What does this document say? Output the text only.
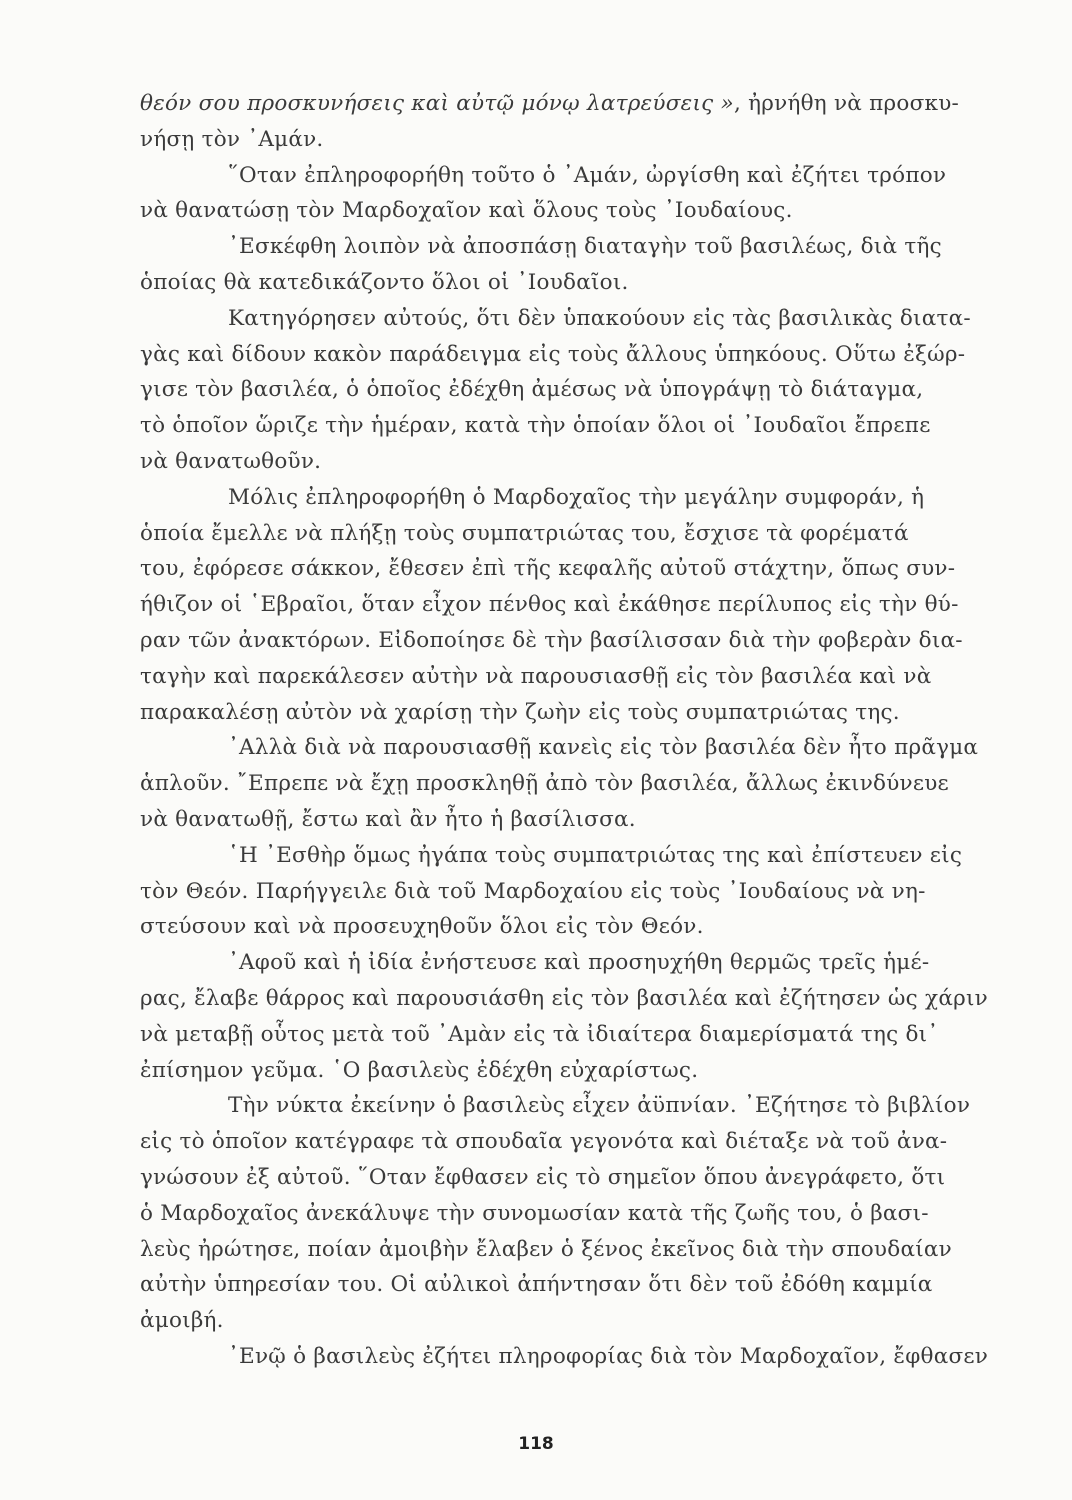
θεόν σου προσκυνήσεις καὶ αὐτῷ μόνῳ λατρεύσεις », ἠρνήθη νὰ προσκυ-
νήσῃ τὸν ᾿Αμάν.
῞Οταν ἐπληροφορήθη τοῦτο ὁ ᾿Αμάν, ὠργίσθη καὶ ἐζήτει τρόπον
νὰ θανατώσῃ τὸν Μαρδοχαῖον καὶ ὅλους τοὺς ᾿Ιουδαίους.
᾿Εσκέφθη λοιπὸν νὰ ἀποσπάσῃ διαταγὴν τοῦ βασιλέως, διὰ τῆς
ὁποίας θὰ κατεδικάζοντο ὅλοι οἱ ᾿Ιουδαῖοι.
Κατηγόρησεν αὐτούς, ὅτι δὲν ὑπακούουν εἰς τὰς βασιλικὰς διατα-
γὰς καὶ δίδουν κακὸν παράδειγμα εἰς τοὺς ἄλλους ὑπηκόους. Οὕτω ἐξώρ-
γισε τὸν βασιλέα, ὁ ὁποῖος ἐδέχθη ἀμέσως νὰ ὑπογράψῃ τὸ διάταγμα,
τὸ ὁποῖον ὥριζε τὴν ἡμέραν, κατὰ τὴν ὁποίαν ὅλοι οἱ ᾿Ιουδαῖοι ἔπρεπε
νὰ θανατωθοῦν.
Μόλις ἐπληροφορήθη ὁ Μαρδοχαῖος τὴν μεγάλην συμφοράν, ἡ
ὁποία ἔμελλε νὰ πλήξῃ τοὺς συμπατριώτας του, ἔσχισε τὰ φορέματά
του, ἐφόρεσε σάκκον, ἔθεσεν ἐπὶ τῆς κεφαλῆς αὐτοῦ στάχτην, ὅπως συν-
ήθιζον οἱ ῾Εβραῖοι, ὅταν εἶχον πένθος καὶ ἐκάθησε περίλυπος εἰς τὴν θύ-
ραν τῶν ἀνακτόρων. Εἰδοποίησε δὲ τὴν βασίλισσαν διὰ τὴν φοβερὰν δια-
ταγὴν καὶ παρεκάλεσεν αὐτὴν νὰ παρουσιασθῇ εἰς τὸν βασιλέα καὶ νὰ
παρακαλέσῃ αὐτὸν νὰ χαρίσῃ τὴν ζωὴν εἰς τοὺς συμπατριώτας της.
᾿Αλλὰ διὰ νὰ παρουσιασθῇ κανεὶς εἰς τὸν βασιλέα δὲν ἦτο πρᾶγμα
ἁπλοῦν. ῎Επρεπε νὰ ἔχῃ προσκληθῇ ἀπὸ τὸν βασιλέα, ἄλλως ἐκινδύνευε
νὰ θανατωθῇ, ἔστω καὶ ἂν ἦτο ἡ βασίλισσα.
῾Η ᾿Εσθὴρ ὅμως ἠγάπα τοὺς συμπατριώτας της καὶ ἐπίστευεν εἰς
τὸν Θεόν. Παρήγγειλε διὰ τοῦ Μαρδοχαίου εἰς τοὺς ᾿Ιουδαίους νὰ νη-
στεύσουν καὶ νὰ προσευχηθοῦν ὅλοι εἰς τὸν Θεόν.
᾿Αφοῦ καὶ ἡ ἰδία ἐνήστευσε καὶ προσηυχήθη θερμῶς τρεῖς ἡμέ-
ρας, ἔλαβε θάρρος καὶ παρουσιάσθη εἰς τὸν βασιλέα καὶ ἐζήτησεν ὡς χάριν
νὰ μεταβῇ οὗτος μετὰ τοῦ ᾿Αμὰν εἰς τὰ ἰδιαίτερα διαμερίσματά της δι᾿
ἐπίσημον γεῦμα. ῾Ο βασιλεὺς ἐδέχθη εὐχαρίστως.
Τὴν νύκτα ἐκείνην ὁ βασιλεὺς εἶχεν ἀϋπνίαν. ᾿Εζήτησε τὸ βιβλίον
εἰς τὸ ὁποῖον κατέγραφε τὰ σπουδαῖα γεγονότα καὶ διέταξε νὰ τοῦ ἀνα-
γνώσουν ἐξ αὐτοῦ. ῞Οταν ἔφθασεν εἰς τὸ σημεῖον ὅπου ἀνεγράφετο, ὅτι
ὁ Μαρδοχαῖος ἀνεκάλυψε τὴν συνομωσίαν κατὰ τῆς ζωῆς του, ὁ βασι-
λεὺς ἠρώτησε, ποίαν ἀμοιβὴν ἔλαβεν ὁ ξένος ἐκεῖνος διὰ τὴν σπουδαίαν
αὐτὴν ὑπηρεσίαν του. Οἱ αὐλικοὶ ἀπήντησαν ὅτι δὲν τοῦ ἐδόθη καμμία
ἀμοιβή.
᾿Ενῷ ὁ βασιλεὺς ἐζήτει πληροφορίας διὰ τὸν Μαρδοχαῖον, ἔφθασεν
118
